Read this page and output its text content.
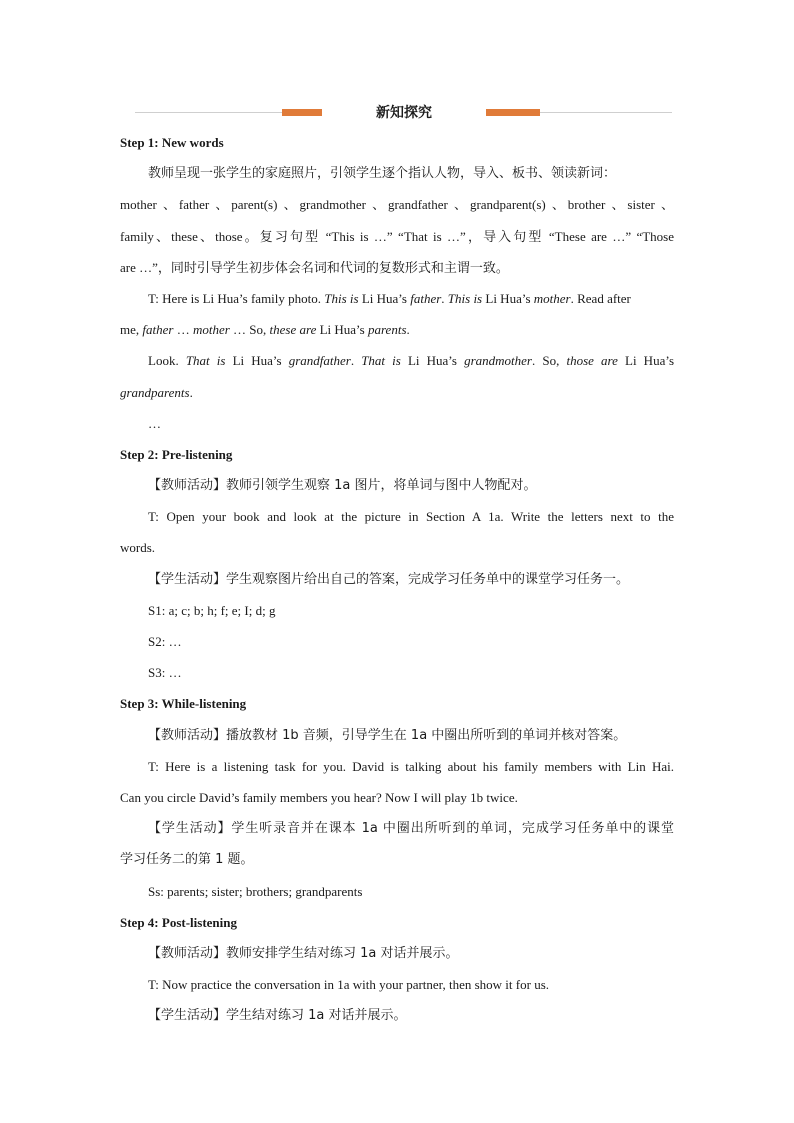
新知探究
Step 1: New words
教师呈现一张学生的家庭照片，引领学生逐个指认人物，导入、板书、领读新词：
mother 、father 、parent(s) 、grandmother 、grandfather 、grandparent(s) 、brother 、sister 、
family、these、those。复习句型 “This is …” “That is …”，导入句型 “These are …” “Those
are …”，同时引导学生初步体会名词和代词的复数形式和主谓一致。
T: Here is Li Hua’s family photo. This is Li Hua’s father. This is Li Hua’s mother. Read after
me, father … mother … So, these are Li Hua’s parents.
Look. That is Li Hua’s grandfather. That is Li Hua’s grandmother. So, those are Li Hua’s
grandparents.
…
Step 2: Pre-listening
【教师活动】教师引领学生观察 1a 图片，将单词与图中人物配对。
T: Open your book and look at the picture in Section A 1a. Write the letters next to the
words.
【学生活动】学生观察图片给出自己的答案，完成学习任务单中的课堂学习任务一。
S1: a; c; b; h; f; e; I; d; g
S2: …
S3: …
Step 3: While-listening
【教师活动】播放教材 1b 音频，引导学生在 1a 中圈出所听到的单词并核对答案。
T: Here is a listening task for you. David is talking about his family members with Lin Hai.
Can you circle David’s family members you hear? Now I will play 1b twice.
【学生活动】学生听录音并在课本 1a 中圈出所听到的单词，完成学习任务单中的课堂
学习任务二的第 1 题。
Ss: parents; sister; brothers; grandparents
Step 4: Post-listening
【教师活动】教师安排学生结对练习 1a 对话并展示。
T: Now practice the conversation in 1a with your partner, then show it for us.
【学生活动】学生结对练习 1a 对话并展示。
